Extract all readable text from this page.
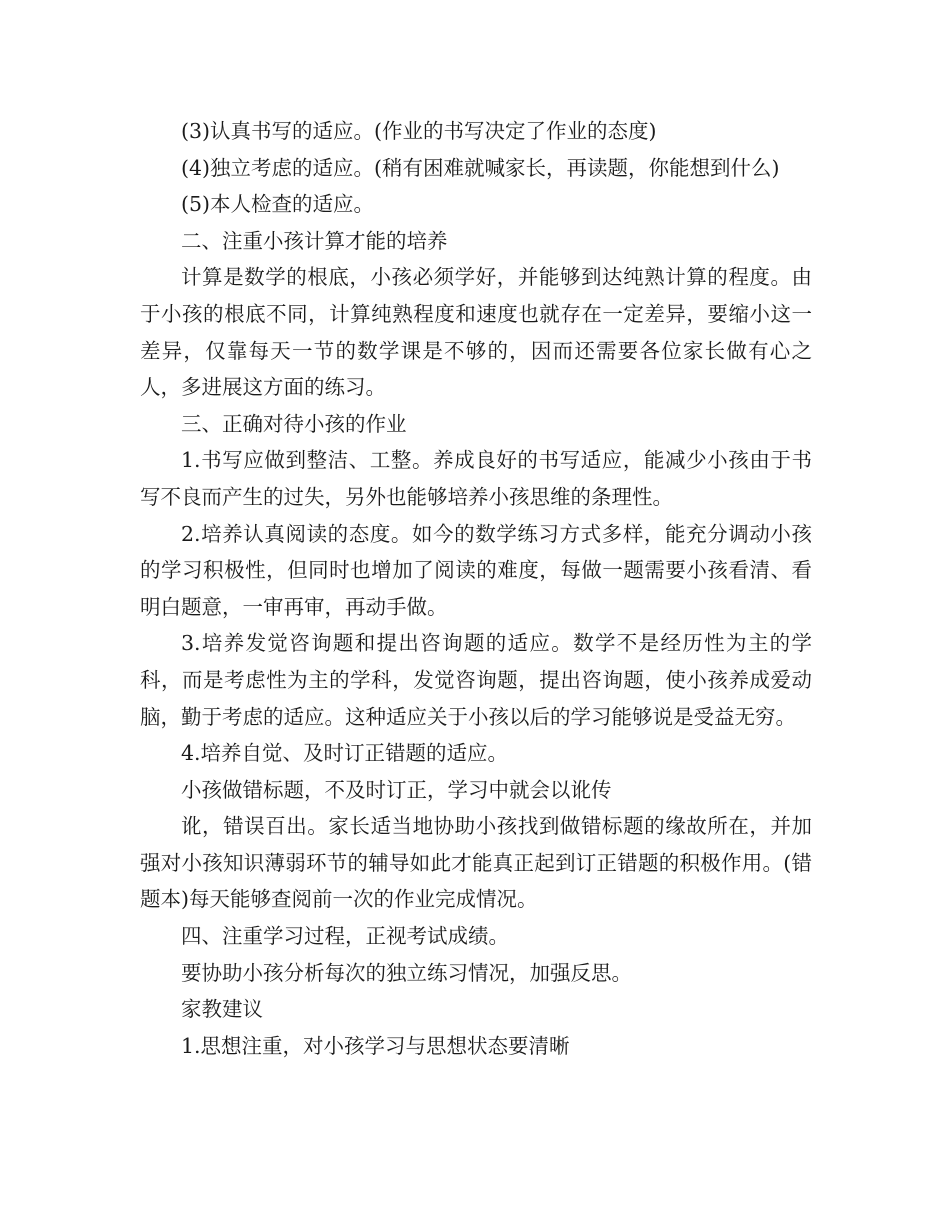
(3)认真书写的适应。(作业的书写决定了作业的态度)

(4)独立考虑的适应。(稍有困难就喊家长，再读题，你能想到什么)

(5)本人检查的适应。

二、注重小孩计算才能的培养

计算是数学的根底，小孩必须学好，并能够到达纯熟计算的程度。由于小孩的根底不同，计算纯熟程度和速度也就存在一定差异，要缩小这一差异，仅靠每天一节的数学课是不够的，因而还需要各位家长做有心之人，多进展这方面的练习。

三、正确对待小孩的作业

1.书写应做到整洁、工整。养成良好的书写适应，能减少小孩由于书写不良而产生的过失，另外也能够培养小孩思维的条理性。

2.培养认真阅读的态度。如今的数学练习方式多样，能充分调动小孩的学习积极性，但同时也增加了阅读的难度，每做一题需要小孩看清、看明白题意，一审再审，再动手做。

3.培养发觉咨询题和提出咨询题的适应。数学不是经历性为主的学科，而是考虑性为主的学科，发觉咨询题，提出咨询题，使小孩养成爱动脑，勤于考虑的适应。这种适应关于小孩以后的学习能够说是受益无穷。

4.培养自觉、及时订正错题的适应。

小孩做错标题，不及时订正，学习中就会以讹传

讹，错误百出。家长适当地协助小孩找到做错标题的缘故所在，并加强对小孩知识薄弱环节的辅导如此才能真正起到订正错题的积极作用。(错题本)每天能够查阅前一次的作业完成情况。

四、注重学习过程，正视考试成绩。

要协助小孩分析每次的独立练习情况，加强反思。

家教建议

1.思想注重，对小孩学习与思想状态要清晰
